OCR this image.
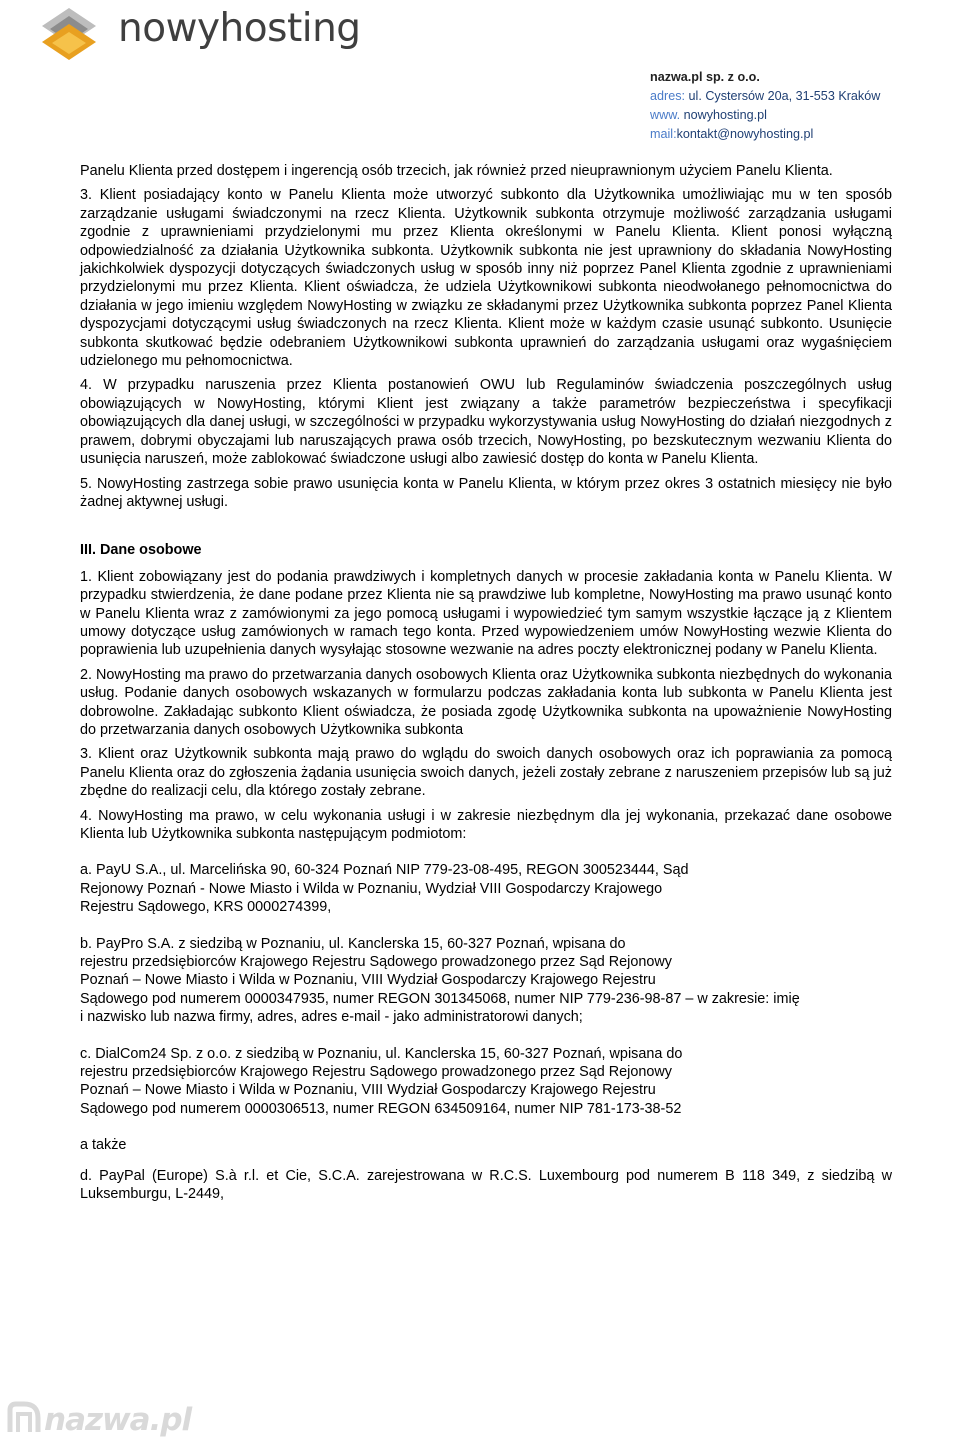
nowyhosting
nazwa.pl sp. z o.o.
adres: ul. Cystersów 20a, 31-553 Kraków
www. nowyhosting.pl
mail:kontakt@nowyhosting.pl

Panelu Klienta przed dostępem i ingerencją osób trzecich, jak również przed nieuprawnionym użyciem Panelu Klienta.

3. Klient posiadający konto w Panelu Klienta może utworzyć subkonto dla Użytkownika umożliwiając mu w ten sposób zarządzanie usługami świadczonymi na rzecz Klienta. Użytkownik subkonta otrzymuje możliwość zarządzania usługami zgodnie z uprawnieniami przydzielonymi mu przez Klienta określonymi w Panelu Klienta. Klient ponosi wyłączną odpowiedzialność za działania Użytkownika subkonta. Użytkownik subkonta nie jest uprawniony do składania NowyHosting jakichkolwiek dyspozycji dotyczących świadczonych usług w sposób inny niż poprzez Panel Klienta zgodnie z uprawnieniami przydzielonymi mu przez Klienta. Klient oświadcza, że udziela Użytkownikowi subkonta nieodwołanego pełnomocnictwa do działania w jego imieniu względem NowyHosting w związku ze składanymi przez Użytkownika subkonta poprzez Panel Klienta dyspozycjami dotyczącymi usług świadczonych na rzecz Klienta. Klient może w każdym czasie usunąć subkonto. Usunięcie subkonta skutkować będzie odebraniem Użytkownikowi subkonta uprawnień do zarządzania usługami oraz wygaśnięciem udzielonego mu pełnomocnictwa.

4. W przypadku naruszenia przez Klienta postanowień OWU lub Regulaminów świadczenia poszczególnych usług obowiązujących w NowyHosting, którymi Klient jest związany a także parametrów bezpieczeństwa i specyfikacji obowiązujących dla danej usługi, w szczególności w przypadku wykorzystywania usług NowyHosting do działań niezgodnych z prawem, dobrymi obyczajami lub naruszających prawa osób trzecich, NowyHosting, po bezskutecznym wezwaniu Klienta do usunięcia naruszeń, może zablokować świadczone usługi albo zawiesić dostęp do konta w Panelu Klienta.

5. NowyHosting zastrzega sobie prawo usunięcia konta w Panelu Klienta, w którym przez okres 3 ostatnich miesięcy nie było żadnej aktywnej usługi.

III. Dane osobowe

1. Klient zobowiązany jest do podania prawdziwych i kompletnych danych w procesie zakładania konta w Panelu Klienta. W przypadku stwierdzenia, że dane podane przez Klienta nie są prawdziwe lub kompletne, NowyHosting ma prawo usunąć konto w Panelu Klienta wraz z zamówionymi za jego pomocą usługami i wypowiedzieć tym samym wszystkie łączące ją z Klientem umowy dotyczące usług zamówionych w ramach tego konta. Przed wypowiedzeniem umów NowyHosting wezwie Klienta do poprawienia lub uzupełnienia danych wysyłając stosowne wezwanie na adres poczty elektronicznej podany w Panelu Klienta.

2. NowyHosting ma prawo do przetwarzania danych osobowych Klienta oraz Użytkownika subkonta niezbędnych do wykonania usług. Podanie danych osobowych wskazanych w formularzu podczas zakładania konta lub subkonta w Panelu Klienta jest dobrowolne. Zakładając subkonto Klient oświadcza, że posiada zgodę Użytkownika subkonta na upoważnienie NowyHosting do przetwarzania danych osobowych Użytkownika subkonta

3. Klient oraz Użytkownik subkonta mają prawo do wglądu do swoich danych osobowych oraz ich poprawiania za pomocą Panelu Klienta oraz do zgłoszenia żądania usunięcia swoich danych, jeżeli zostały zebrane z naruszeniem przepisów lub są już zbędne do realizacji celu, dla którego zostały zebrane.

4. NowyHosting ma prawo, w celu wykonania usługi i w zakresie niezbędnym dla jej wykonania, przekazać dane osobowe Klienta lub Użytkownika subkonta następującym podmiotom:

a. PayU S.A., ul. Marcelińska 90, 60-324 Poznań NIP 779-23-08-495, REGON 300523444, Sąd
Rejonowy Poznań - Nowe Miasto i Wilda w Poznaniu, Wydział VIII Gospodarczy Krajowego
Rejestru Sądowego, KRS 0000274399,
b. PayPro S.A. z siedzibą w Poznaniu, ul. Kanclerska 15, 60-327 Poznań, wpisana do
rejestru przedsiębiorców Krajowego Rejestru Sądowego prowadzonego przez Sąd Rejonowy
Poznań – Nowe Miasto i Wilda w Poznaniu, VIII Wydział Gospodarczy Krajowego Rejestru
Sądowego pod numerem 0000347935, numer REGON 301345068, numer NIP 779-236-98-87 – w zakresie: imię
i nazwisko lub nazwa firmy, adres, adres e-mail - jako administratorowi danych;
c. DialCom24 Sp. z o.o. z siedzibą w Poznaniu, ul. Kanclerska 15, 60-327 Poznań, wpisana do
rejestru przedsiębiorców Krajowego Rejestru Sądowego prowadzonego przez Sąd Rejonowy
Poznań – Nowe Miasto i Wilda w Poznaniu, VIII Wydział Gospodarczy Krajowego Rejestru
Sądowego pod numerem 0000306513, numer REGON 634509164, numer NIP 781-173-38-52

a także

d. PayPal (Europe) S.à r.l. et Cie, S.C.A. zarejestrowana w R.C.S. Luxembourg pod numerem B 118 349, z siedzibą w Luksemburgu, L-2449,

nazwa.pl
